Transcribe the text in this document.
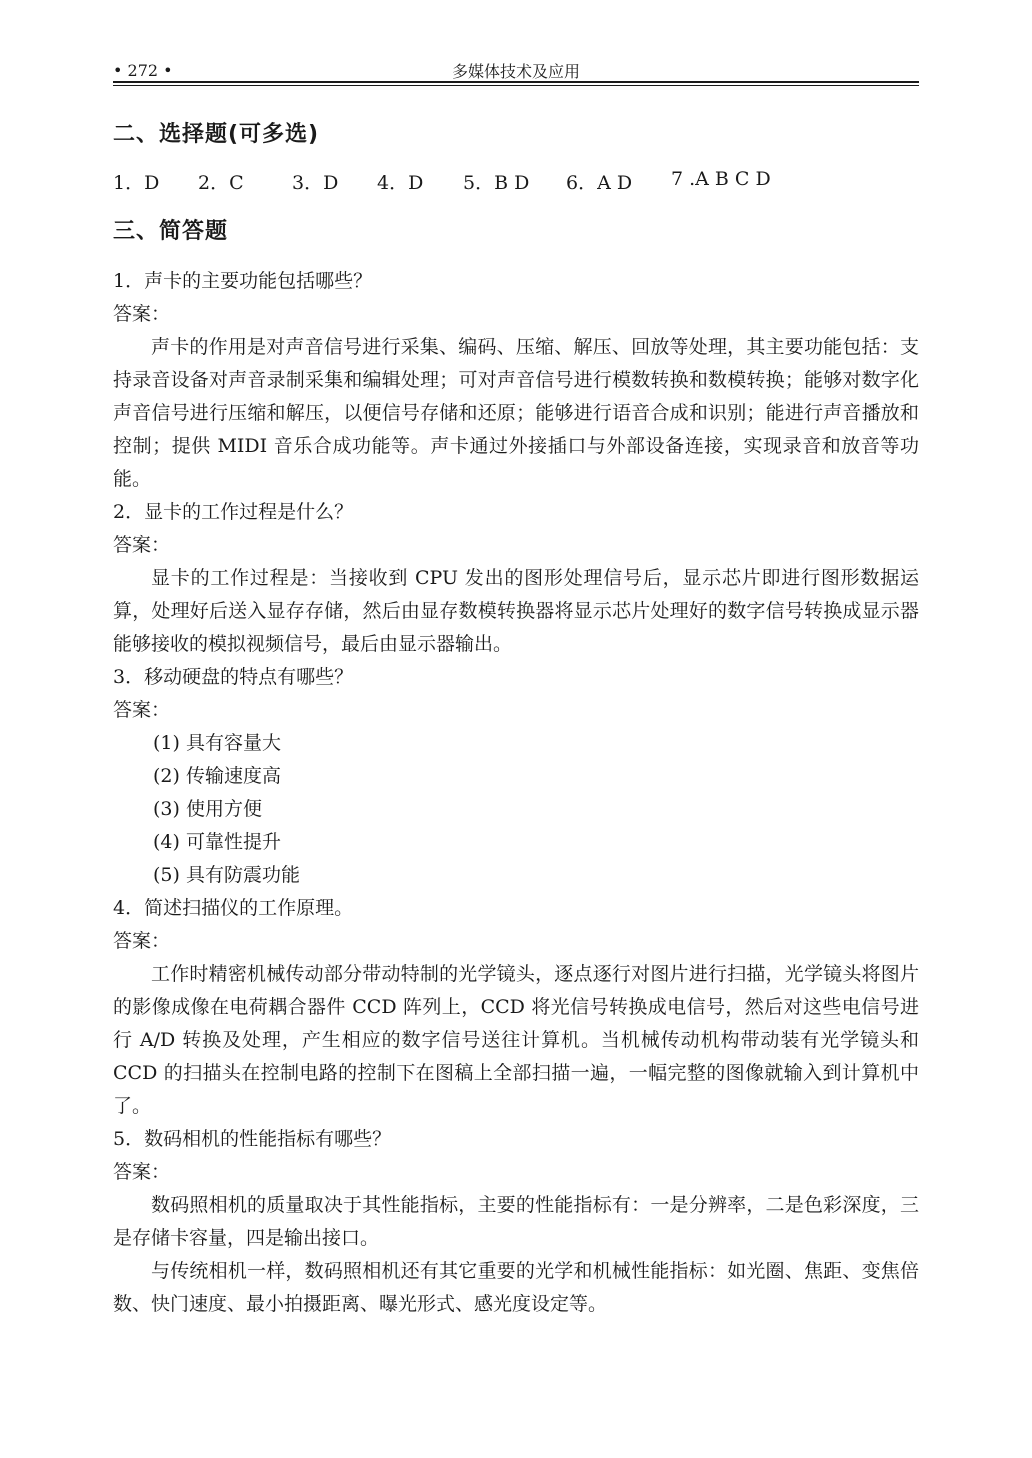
• 272 •	多媒体技术及应用
二、选择题(可多选)
1．D 2．C	3．D 4．D 5．B D 6．A D 7 .A B C D
三、简答题
1．声卡的主要功能包括哪些？
答案：
声卡的作用是对声音信号进行采集、编码、压缩、解压、回放等处理，其主要功能包括：支持录音设备对声音录制采集和编辑处理；可对声音信号进行模数转换和数模转换；能够对数字化声音信号进行压缩和解压，以便信号存储和还原；能够进行语音合成和识别；能进行声音播放和控制；提供 MIDI 音乐合成功能等。声卡通过外接插口与外部设备连接，实现录音和放音等功能。
2．显卡的工作过程是什么？
答案：
显卡的工作过程是：当接收到 CPU 发出的图形处理信号后，显示芯片即进行图形数据运算，处理好后送入显存存储，然后由显存数模转换器将显示芯片处理好的数字信号转换成显示器能够接收的模拟视频信号，最后由显示器输出。
3．移动硬盘的特点有哪些？
答案：
(1) 具有容量大
(2) 传输速度高
(3) 使用方便
(4) 可靠性提升
(5) 具有防震功能
4．简述扫描仪的工作原理。
答案：
工作时精密机械传动部分带动特制的光学镜头，逐点逐行对图片进行扫描，光学镜头将图片的影像成像在电荷耦合器件 CCD 阵列上，CCD 将光信号转换成电信号，然后对这些电信号进行 A/D 转换及处理，产生相应的数字信号送往计算机。当机械传动机构带动装有光学镜头和 CCD 的扫描头在控制电路的控制下在图稿上全部扫描一遍，一幅完整的图像就输入到计算机中了。
5．数码相机的性能指标有哪些？
答案：
数码照相机的质量取决于其性能指标，主要的性能指标有：一是分辨率，二是色彩深度，三是存储卡容量，四是输出接口。
与传统相机一样，数码照相机还有其它重要的光学和机械性能指标：如光圈、焦距、变焦倍数、快门速度、最小拍摄距离、曝光形式、感光度设定等。
